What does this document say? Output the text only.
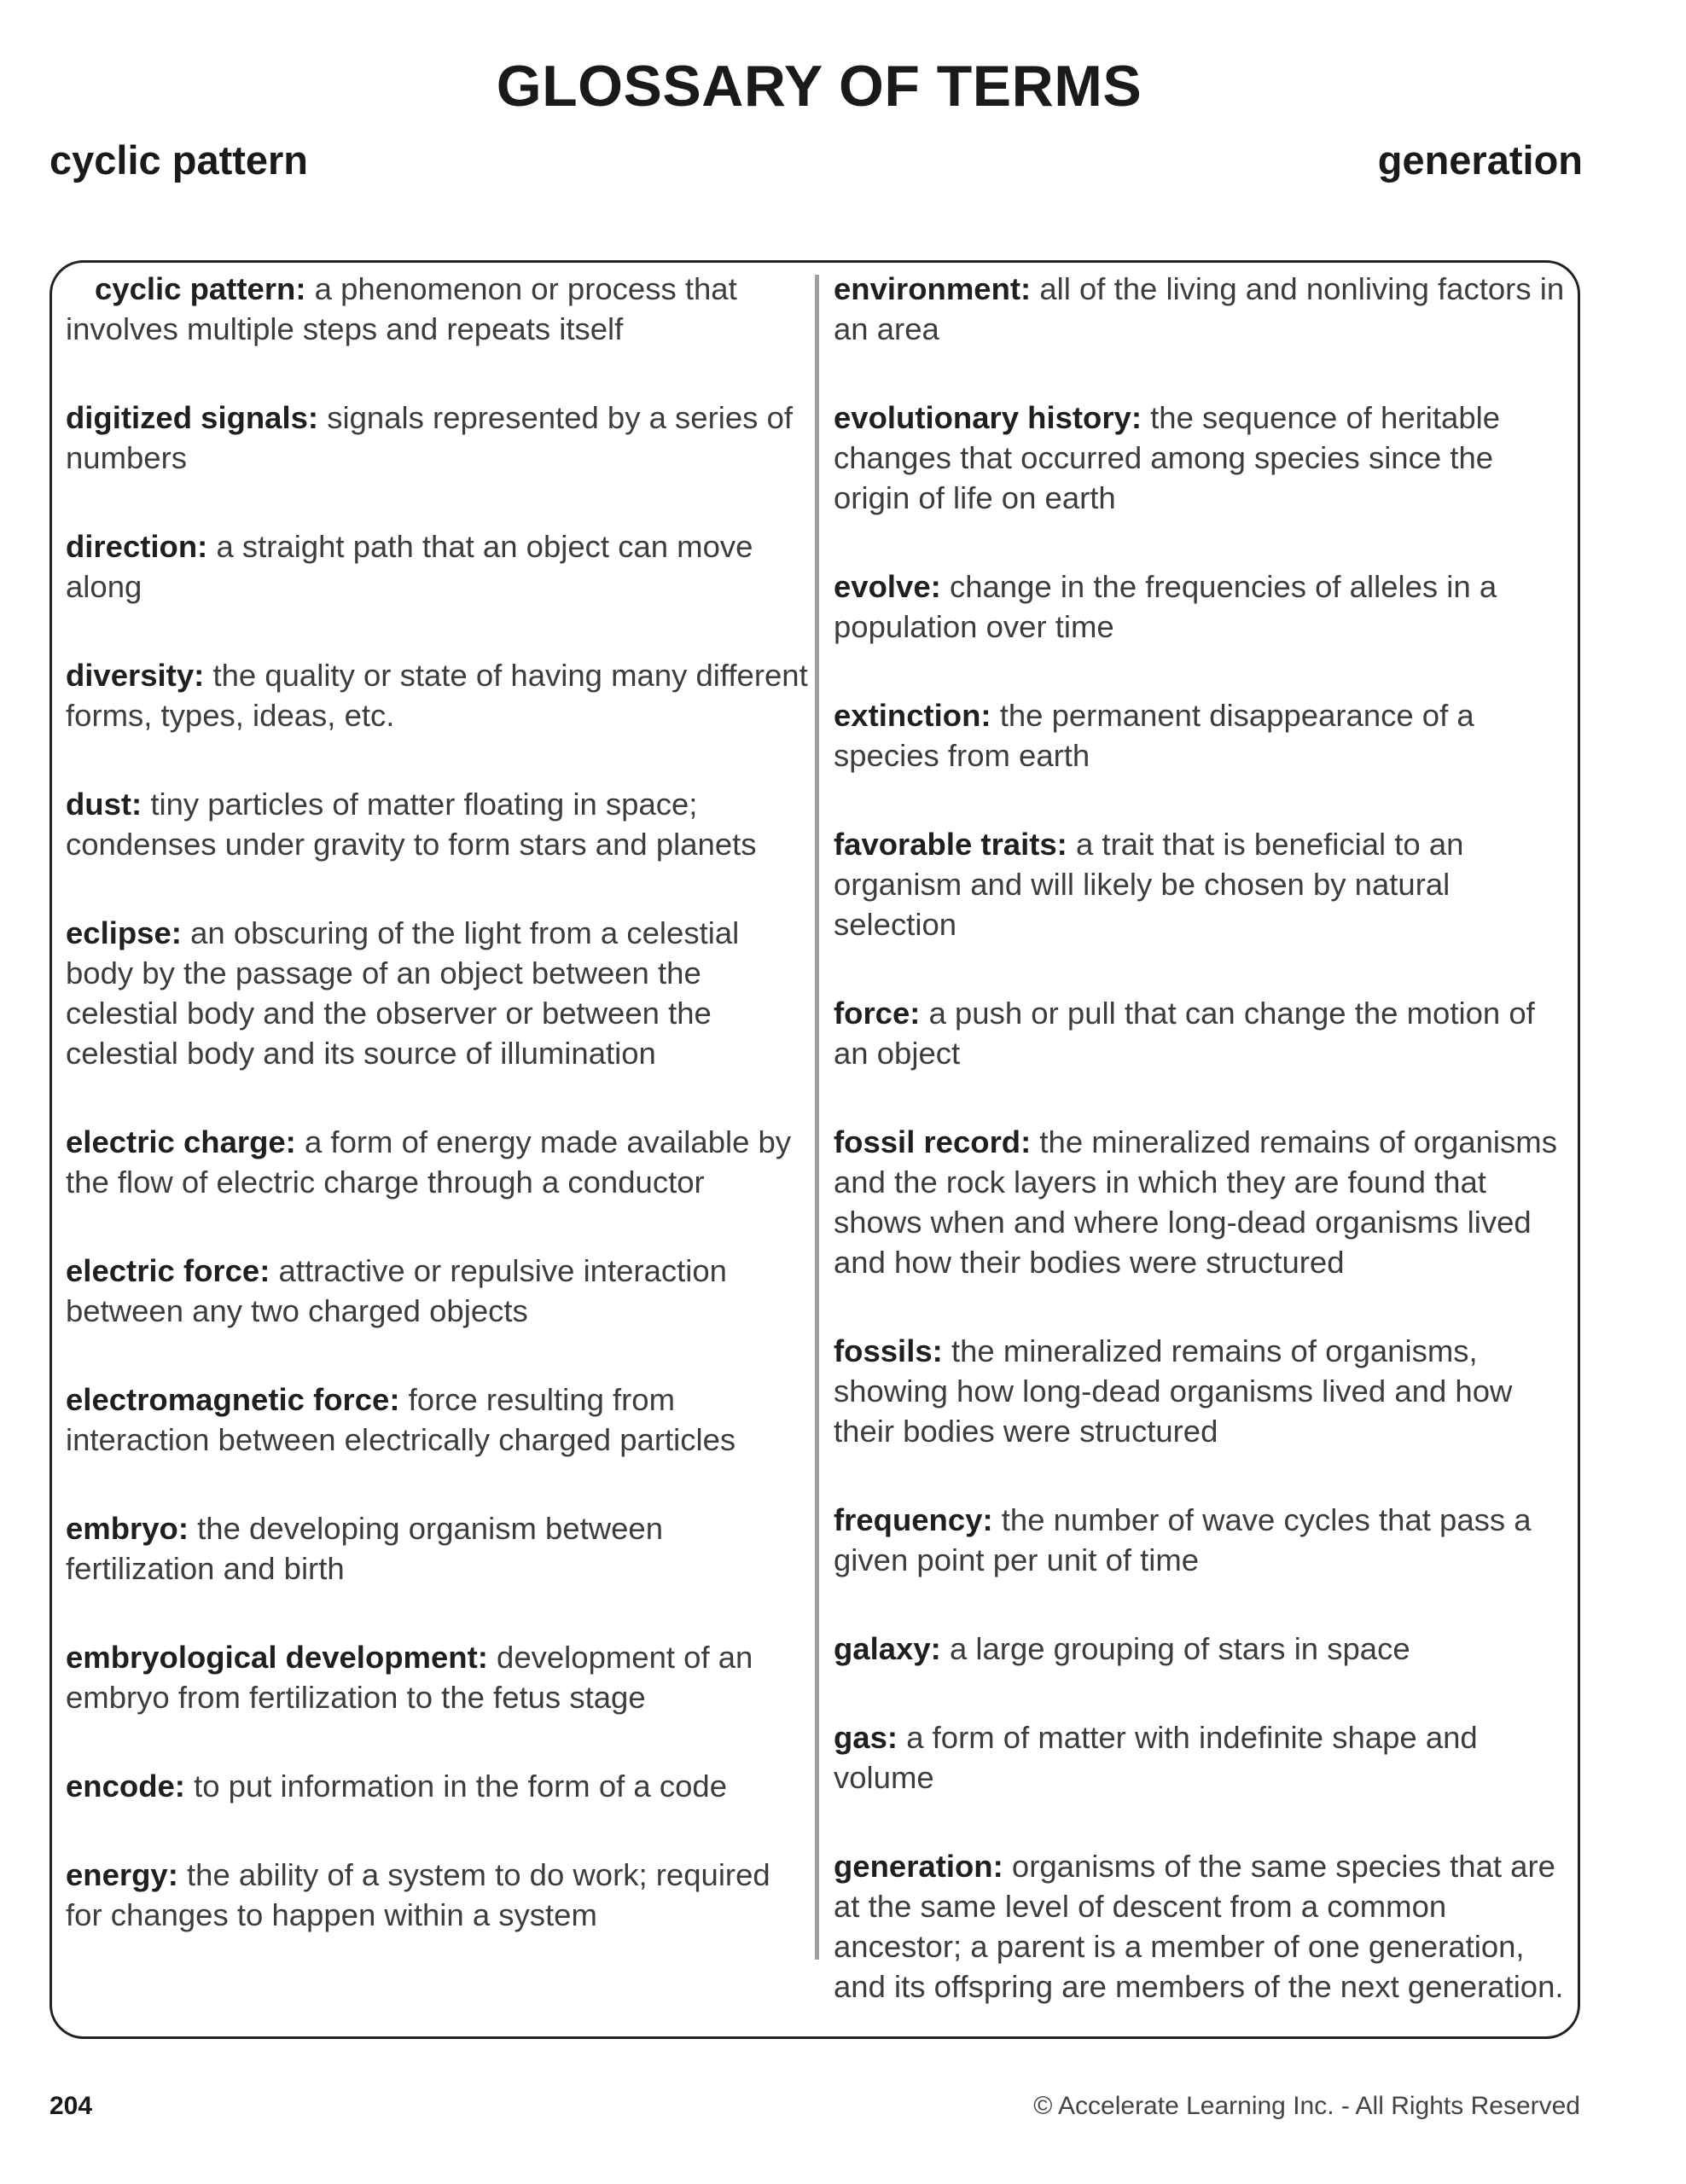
GLOSSARY OF TERMS
cyclic pattern	generation

cyclic pattern: a phenomenon or process that involves multiple steps and repeats itself

digitized signals: signals represented by a series of numbers

direction: a straight path that an object can move along

diversity: the quality or state of having many different forms, types, ideas, etc.

dust: tiny particles of matter floating in space; condenses under gravity to form stars and planets

eclipse: an obscuring of the light from a celestial body by the passage of an object between the celestial body and the observer or between the celestial body and its source of illumination

electric charge: a form of energy made available by the flow of electric charge through a conductor

electric force: attractive or repulsive interaction between any two charged objects

electromagnetic force: force resulting from interaction between electrically charged particles

embryo: the developing organism between fertilization and birth

embryological development: development of an embryo from fertilization to the fetus stage

encode: to put information in the form of a code

energy: the ability of a system to do work; required for changes to happen within a system

environment: all of the living and nonliving factors in an area

evolutionary history: the sequence of heritable changes that occurred among species since the origin of life on earth

evolve: change in the frequencies of alleles in a population over time

extinction: the permanent disappearance of a species from earth

favorable traits: a trait that is beneficial to an organism and will likely be chosen by natural selection

force: a push or pull that can change the motion of an object

fossil record: the mineralized remains of organisms and the rock layers in which they are found that shows when and where long-dead organisms lived and how their bodies were structured

fossils: the mineralized remains of organisms, showing how long-dead organisms lived and how their bodies were structured

frequency: the number of wave cycles that pass a given point per unit of time

galaxy: a large grouping of stars in space

gas: a form of matter with indefinite shape and volume

generation: organisms of the same species that are at the same level of descent from a common ancestor; a parent is a member of one generation, and its offspring are members of the next generation.

204	© Accelerate Learning Inc. - All Rights Reserved
